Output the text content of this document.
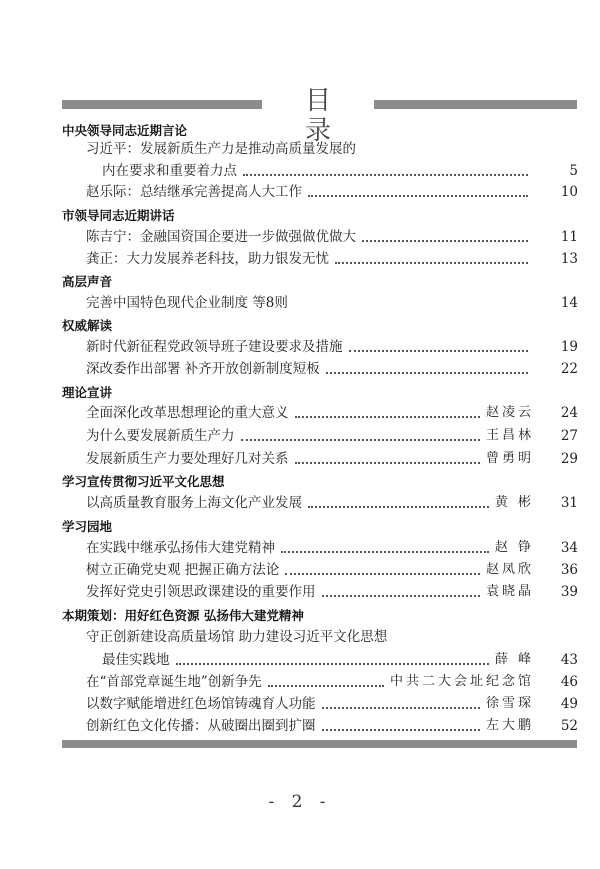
目 录
中央领导同志近期言论
习近平：发展新质生产力是推动高质量发展的
内在要求和重要着力点	5
赵乐际：总结继承完善提高人大工作	10
市领导同志近期讲话
陈吉宁：金融国资国企要进一步做强做优做大	11
龚正：大力发展养老科技，助力银发无忧	13
高层声音
完善中国特色现代企业制度 等8则	14
权威解读
新时代新征程党政领导班子建设要求及措施	19
深改委作出部署 补齐开放创新制度短板	22
理论宣讲
全面深化改革思想理论的重大意义	赵凌云	24
为什么要发展新质生产力	王昌林	27
发展新质生产力要处理好几对关系	曾勇明	29
学习宣传贯彻习近平文化思想
以高质量教育服务上海文化产业发展	黄 彬	31
学习园地
在实践中继承弘扬伟大建党精神	赵 铮	34
树立正确党史观 把握正确方法论	赵凤欣	36
发挥好党史引领思政课建设的重要作用	袁晓晶	39
本期策划：用好红色资源 弘扬伟大建党精神
守正创新建设高质量场馆 助力建设习近平文化思想
最佳实践地	薛 峰	43
在“首部党章诞生地”创新争先	中共二大会址纪念馆	46
以数字赋能增进红色场馆铸魂育人功能	徐雪琛	49
创新红色文化传播：从破圈出圈到扩圈	左大鹏	52
- 2 -
